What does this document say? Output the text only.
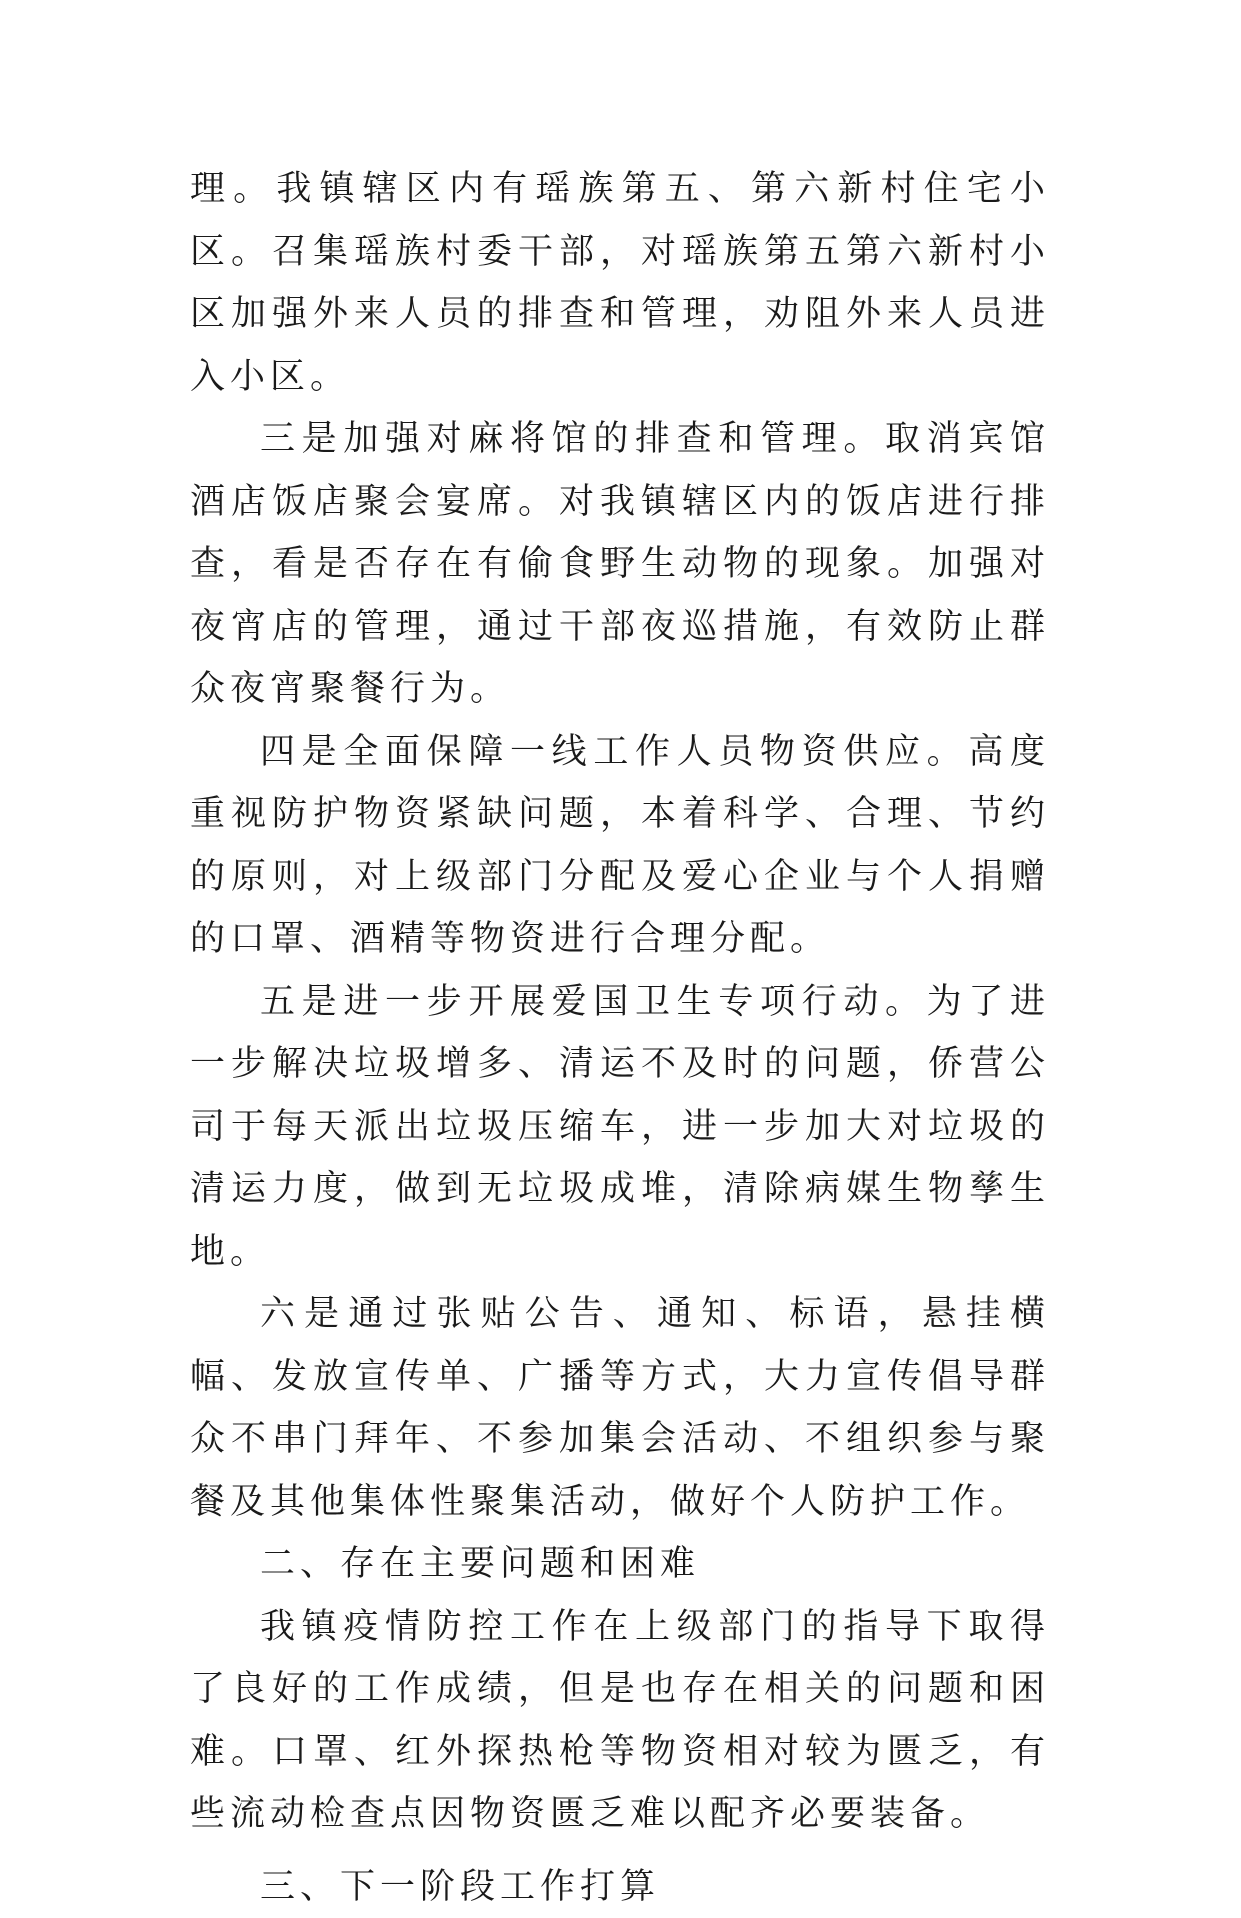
理。我镇辖区内有瑶族第五、第六新村住宅小区。召集瑶族村委干部，对瑶族第五第六新村小区加强外来人员的排查和管理，劝阻外来人员进入小区。

三是加强对麻将馆的排查和管理。取消宾馆酒店饭店聚会宴席。对我镇辖区内的饭店进行排查，看是否存在有偷食野生动物的现象。加强对夜宵店的管理，通过干部夜巡措施，有效防止群众夜宵聚餐行为。

四是全面保障一线工作人员物资供应。高度重视防护物资紧缺问题，本着科学、合理、节约的原则，对上级部门分配及爱心企业与个人捐赠的口罩、酒精等物资进行合理分配。

五是进一步开展爱国卫生专项行动。为了进一步解决垃圾增多、清运不及时的问题，侨营公司于每天派出垃圾压缩车，进一步加大对垃圾的清运力度，做到无垃圾成堆，清除病媒生物孳生地。

六是通过张贴公告、通知、标语，悬挂横幅、发放宣传单、广播等方式，大力宣传倡导群众不串门拜年、不参加集会活动、不组织参与聚餐及其他集体性聚集活动，做好个人防护工作。

二、存在主要问题和困难

我镇疫情防控工作在上级部门的指导下取得了良好的工作成绩，但是也存在相关的问题和困难。口罩、红外探热枪等物资相对较为匮乏，有些流动检查点因物资匮乏难以配齐必要装备。

三、下一阶段工作打算
